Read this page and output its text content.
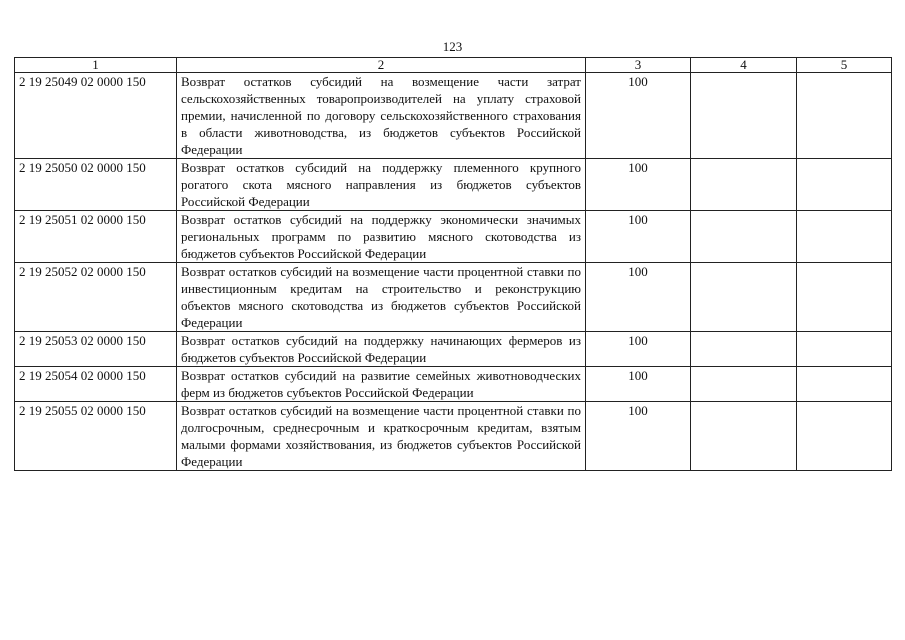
123
1	2	3	4	5
2 19 25049 02 0000 150	Возврат остатков субсидий на возмещение части затрат сельскохозяйственных товаропроизводителей на уплату страховой премии, начисленной по договору сельскохозяйственного страхования в области животноводства, из бюджетов субъектов Российской Федерации	100		
2 19 25050 02 0000 150	Возврат остатков субсидий на поддержку племенного крупного рогатого скота мясного направления из бюджетов субъектов Российской Федерации	100		
2 19 25051 02 0000 150	Возврат остатков субсидий на поддержку экономически значимых региональных программ по развитию мясного скотоводства из бюджетов субъектов Российской Федерации	100		
2 19 25052 02 0000 150	Возврат остатков субсидий на возмещение части процентной ставки по инвестиционным кредитам на строительство и реконструкцию объектов мясного скотоводства из бюджетов субъектов Российской Федерации	100		
2 19 25053 02 0000 150	Возврат остатков субсидий на поддержку начинающих фермеров из бюджетов субъектов Российской Федерации	100		
2 19 25054 02 0000 150	Возврат остатков субсидий на развитие семейных животноводческих ферм из бюджетов субъектов Российской Федерации	100		
2 19 25055 02 0000 150	Возврат остатков субсидий на возмещение части процентной ставки по долгосрочным, среднесрочным и краткосрочным кредитам, взятым малыми формами хозяйствования, из бюджетов субъектов Российской Федерации	100		
